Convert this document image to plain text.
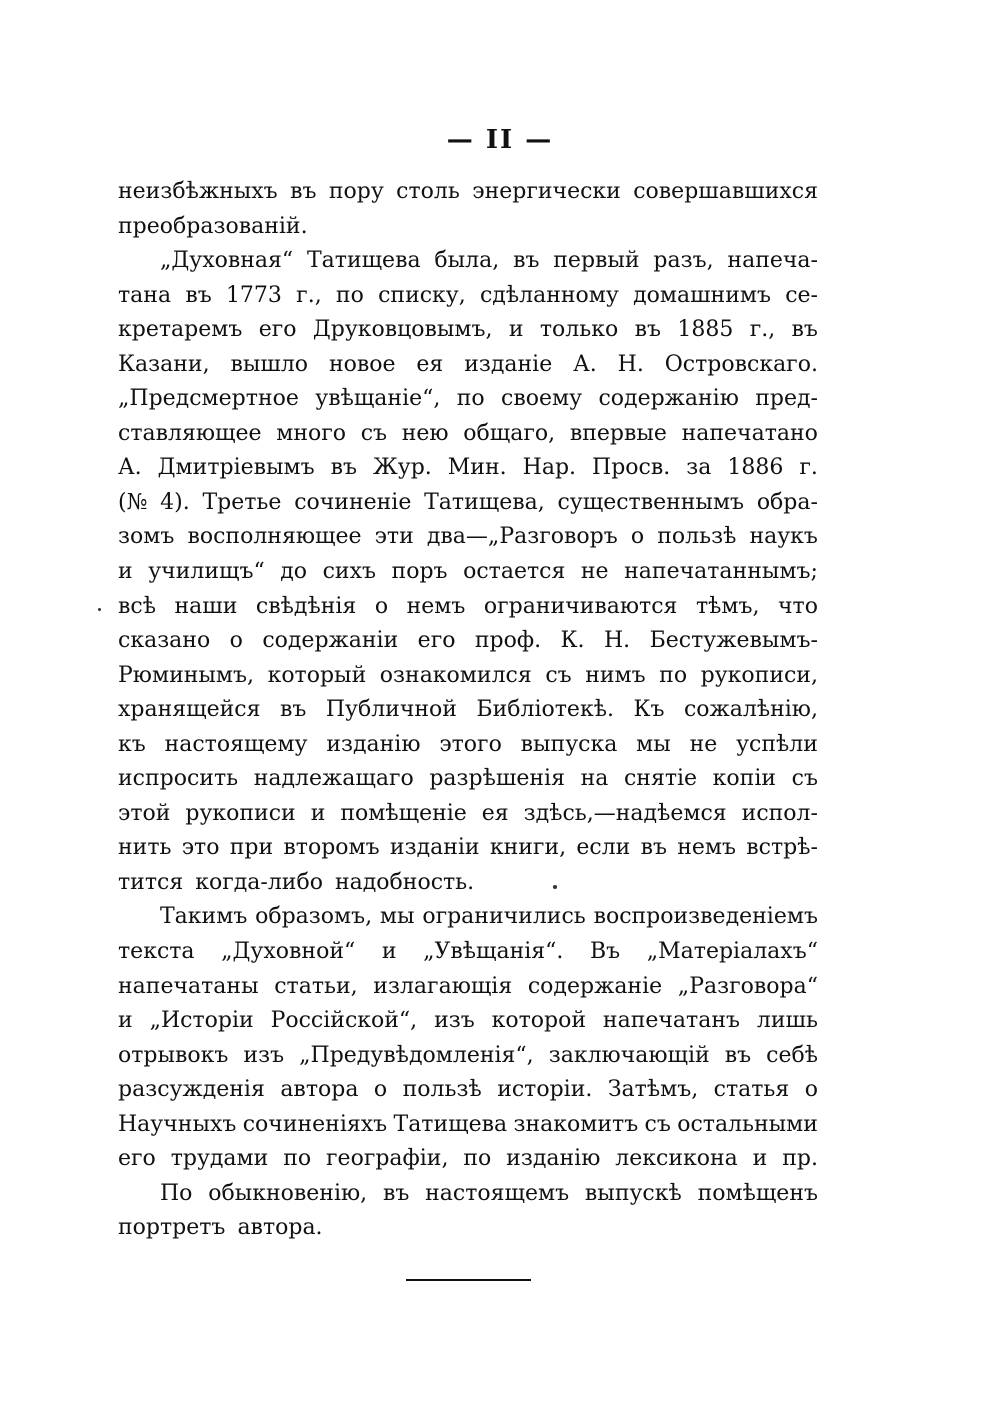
— II —
неизбѣжныхъ въ пору столь энергически совершавшихся
преобразованій.
„Духовная“ Татищева была, въ первый разъ, напеча-
тана въ 1773 г., по списку, сдѣланному домашнимъ се-
кретаремъ его Друковцовымъ, и только въ 1885 г., въ
Казани, вышло новое ея изданіе А. Н. Островскаго.
„Предсмертное увѣщаніе“, по своему содержанію пред-
ставляющее много съ нею общаго, впервые напечатано
А. Дмитріевымъ въ Жур. Мин. Нар. Просв. за 1886 г.
(№ 4). Третье сочиненіе Татищева, существеннымъ обра-
зомъ восполняющее эти два—„Разговоръ о пользѣ наукъ
и училищъ“ до сихъ поръ остается не напечатаннымъ;
всѣ наши свѣдѣнія о немъ ограничиваются тѣмъ, что
сказано о содержаніи его проф. К. Н. Бестужевымъ-
Рюминымъ, который ознакомился съ нимъ по рукописи,
хранящейся въ Публичной Библіотекѣ. Къ сожалѣнію,
къ настоящему изданію этого выпуска мы не успѣли
испросить надлежащаго разрѣшенія на снятіе копіи съ
этой рукописи и помѣщеніе ея здѣсь,—надѣемся испол-
нить это при второмъ изданіи книги, если въ немъ встрѣ-
тится когда-либо надобность.
Такимъ образомъ, мы ограничились воспроизведеніемъ
текста „Духовной“ и „Увѣщанія“. Въ „Матеріалахъ“
напечатаны статьи, излагающія содержаніе „Разговора“
и „Исторіи Россійской“, изъ которой напечатанъ лишь
отрывокъ изъ „Предувѣдомленія“, заключающій въ себѣ
разсужденія автора о пользѣ исторіи. Затѣмъ, статья о
Научныхъ сочиненіяхъ Татищева знакомитъ съ остальными
его трудами по географіи, по изданію лексикона и пр.
По обыкновенію, въ настоящемъ выпускѣ помѣщенъ
портретъ автора.
